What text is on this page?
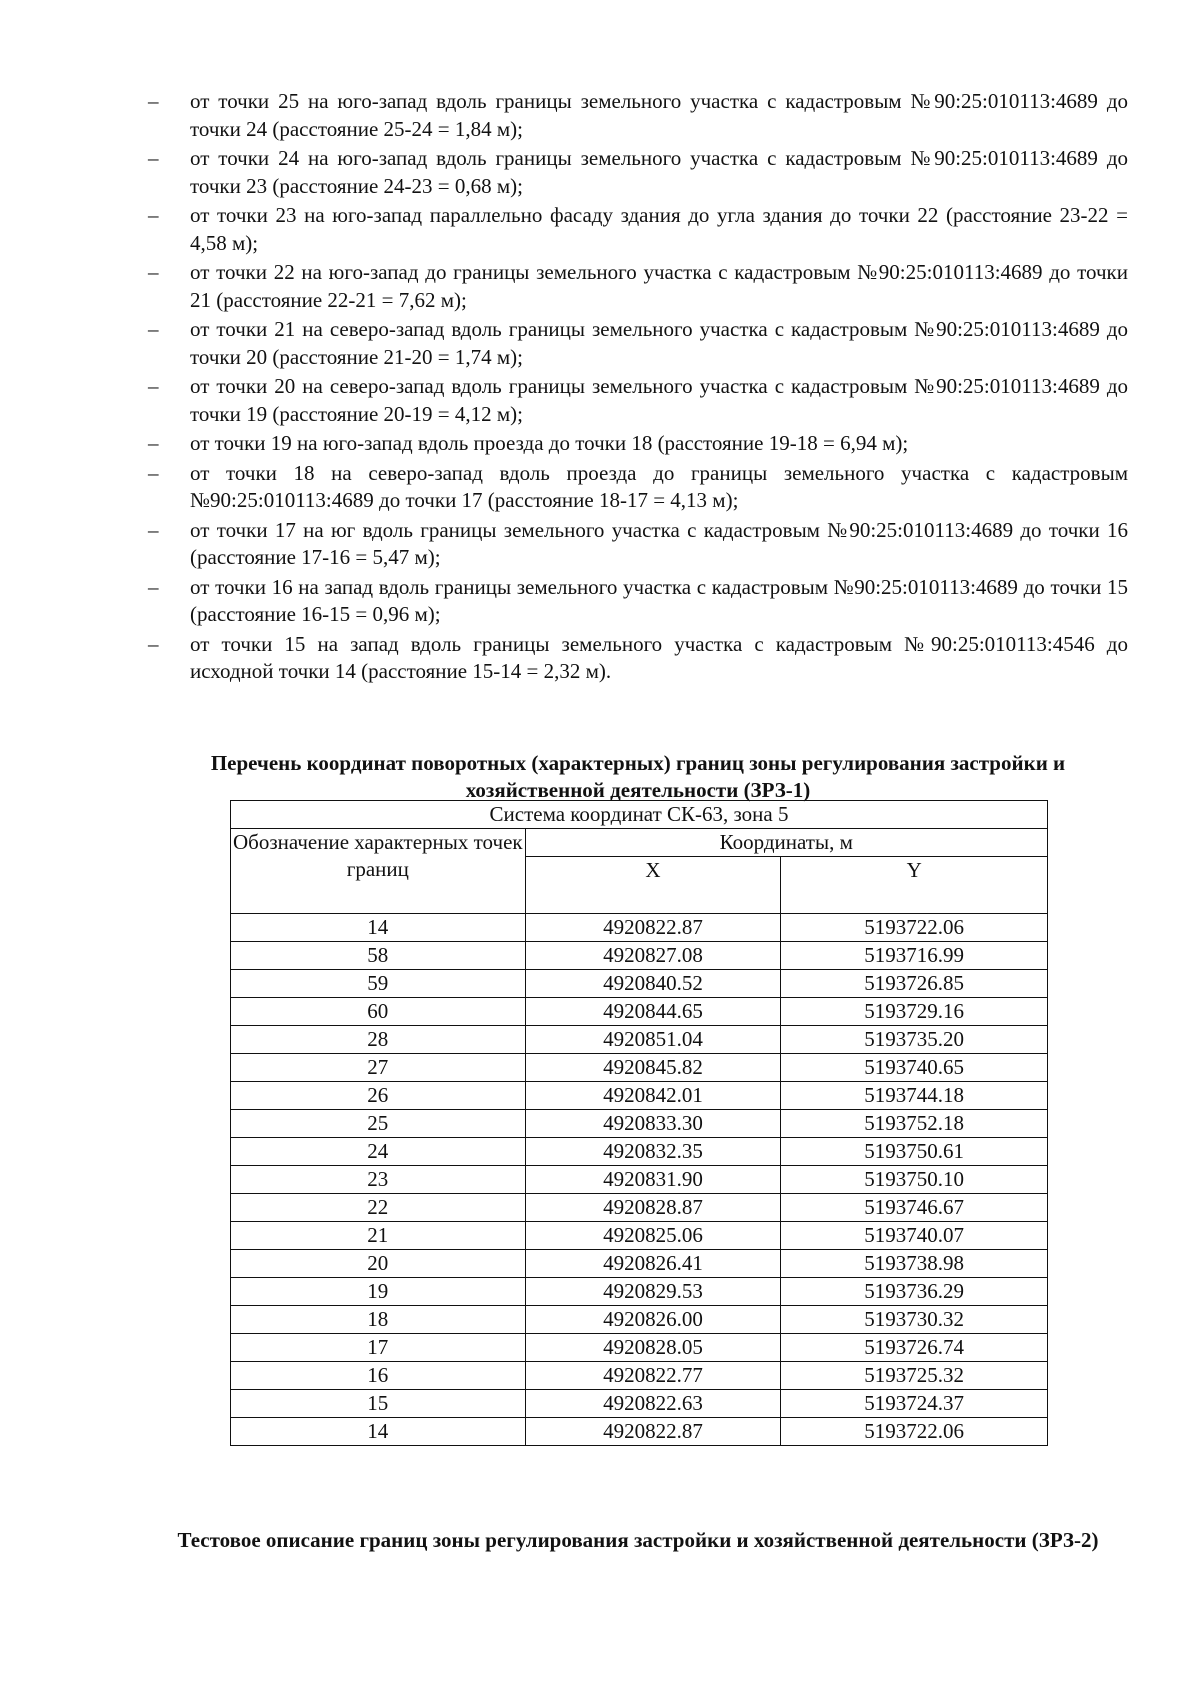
–	от точки 25 на юго-запад вдоль границы земельного участка с кадастровым №90:25:010113:4689 до точки 24 (расстояние 25-24 = 1,84 м);
–	от точки 24 на юго-запад вдоль границы земельного участка с кадастровым №90:25:010113:4689 до точки 23 (расстояние 24-23 = 0,68 м);
–	от точки 23 на юго-запад параллельно фасаду здания до угла здания до точки 22 (расстояние 23-22 = 4,58 м);
–	от точки 22 на юго-запад до границы земельного участка с кадастровым №90:25:010113:4689 до точки 21 (расстояние 22-21 = 7,62 м);
–	от точки 21 на северо-запад вдоль границы земельного участка с кадастровым №90:25:010113:4689 до точки 20 (расстояние 21-20 = 1,74 м);
–	от точки 20 на северо-запад вдоль границы земельного участка с кадастровым №90:25:010113:4689 до точки 19 (расстояние 20-19 = 4,12 м);
–	от точки 19 на юго-запад вдоль проезда до точки 18 (расстояние 19-18 = 6,94 м);
–	от точки 18 на северо-запад вдоль проезда до границы земельного участка с кадастровым №90:25:010113:4689 до точки 17 (расстояние 18-17 = 4,13 м);
–	от точки 17 на юг вдоль границы земельного участка с кадастровым №90:25:010113:4689 до точки 16 (расстояние 17-16 = 5,47 м);
–	от точки 16 на запад вдоль границы земельного участка с кадастровым №90:25:010113:4689 до точки 15 (расстояние 16-15 = 0,96 м);
–	от точки 15 на запад вдоль границы земельного участка с кадастровым №90:25:010113:4546 до исходной точки 14 (расстояние 15-14 = 2,32 м).
Перечень координат поворотных (характерных) границ зоны регулирования застройки и хозяйственной деятельности (ЗРЗ-1)
Система координат СК-63, зона 5		
Обозначение характерных точек границ	Координаты, м	
	X	Y
14	4920822.87	5193722.06
58	4920827.08	5193716.99
59	4920840.52	5193726.85
60	4920844.65	5193729.16
28	4920851.04	5193735.20
27	4920845.82	5193740.65
26	4920842.01	5193744.18
25	4920833.30	5193752.18
24	4920832.35	5193750.61
23	4920831.90	5193750.10
22	4920828.87	5193746.67
21	4920825.06	5193740.07
20	4920826.41	5193738.98
19	4920829.53	5193736.29
18	4920826.00	5193730.32
17	4920828.05	5193726.74
16	4920822.77	5193725.32
15	4920822.63	5193724.37
14	4920822.87	5193722.06
Тестовое описание границ зоны регулирования застройки и хозяйственной деятельности (ЗРЗ-2)
